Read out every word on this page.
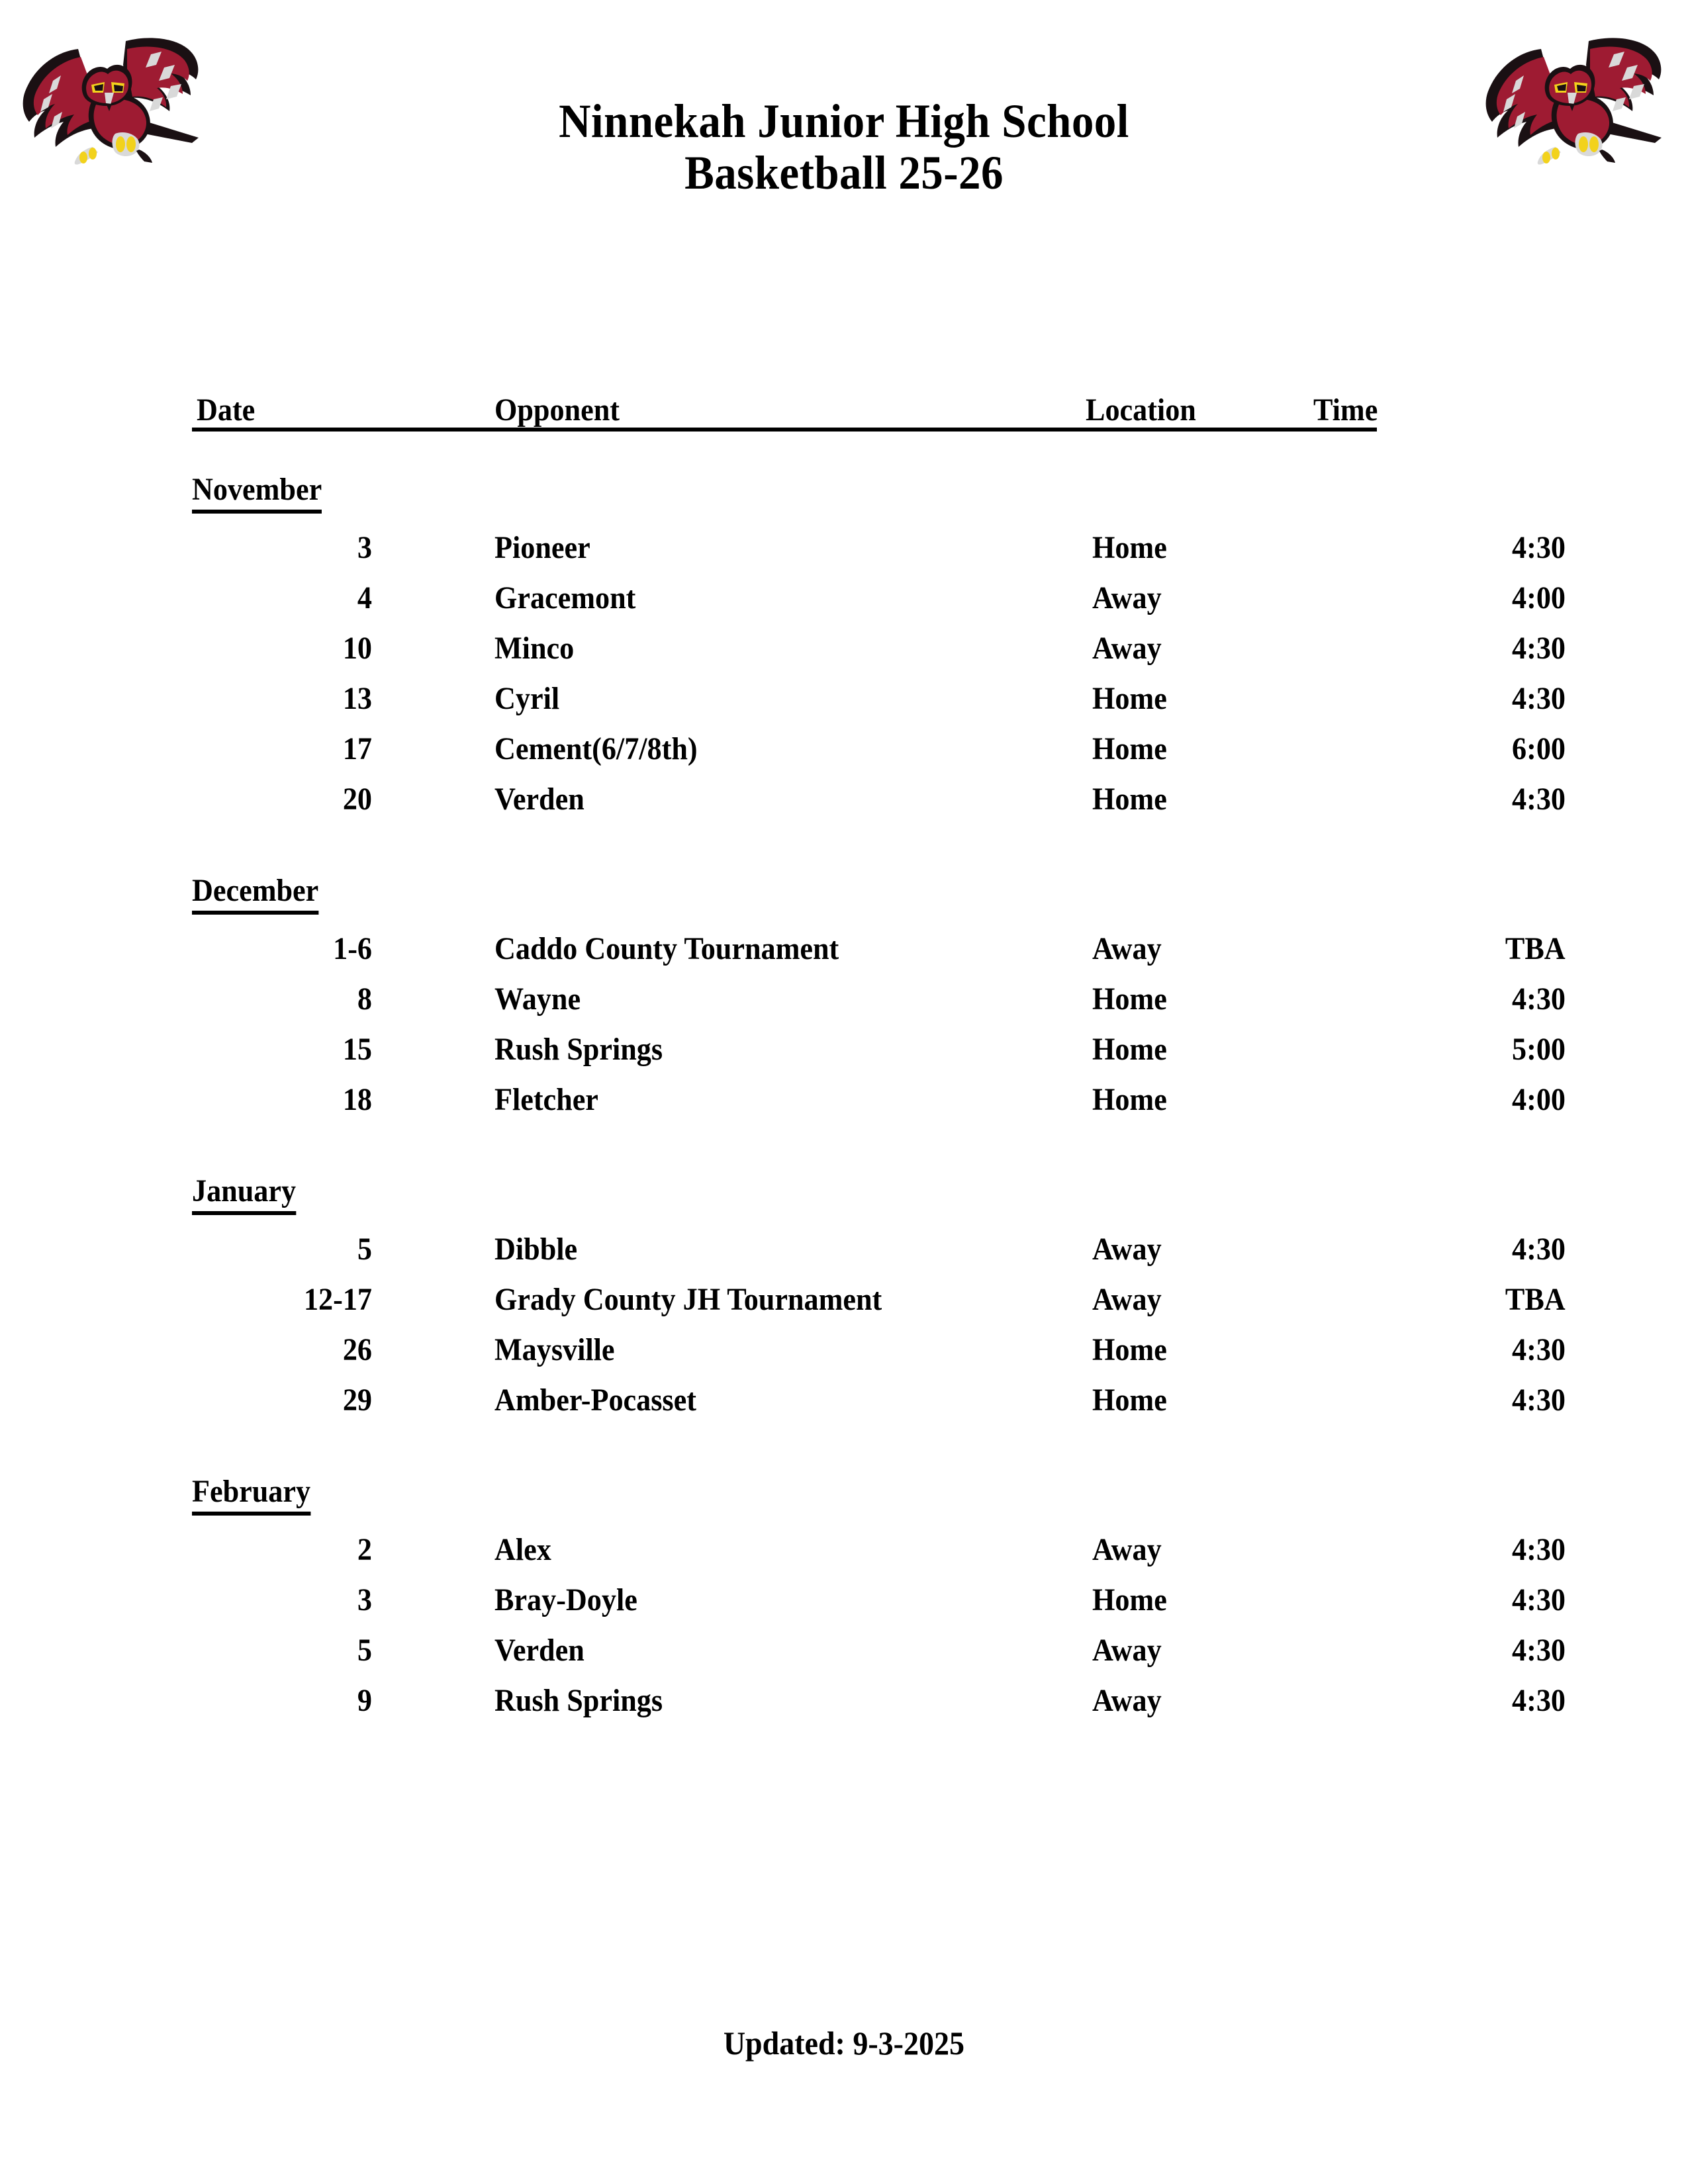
Ninnekah Junior High School
Basketball 25-26
Date	Opponent	Location	Time
November
3	Pioneer	Home	4:30
4	Gracemont	Away	4:00
10	Minco	Away	4:30
13	Cyril	Home	4:30
17	Cement(6/7/8th)	Home	6:00
20	Verden	Home	4:30
December
1-6	Caddo County Tournament	Away	TBA
8	Wayne	Home	4:30
15	Rush Springs	Home	5:00
18	Fletcher	Home	4:00
January
5	Dibble	Away	4:30
12-17	Grady County JH Tournament	Away	TBA
26	Maysville	Home	4:30
29	Amber-Pocasset	Home	4:30
February
2	Alex	Away	4:30
3	Bray-Doyle	Home	4:30
5	Verden	Away	4:30
9	Rush Springs	Away	4:30
Updated: 9-3-2025
